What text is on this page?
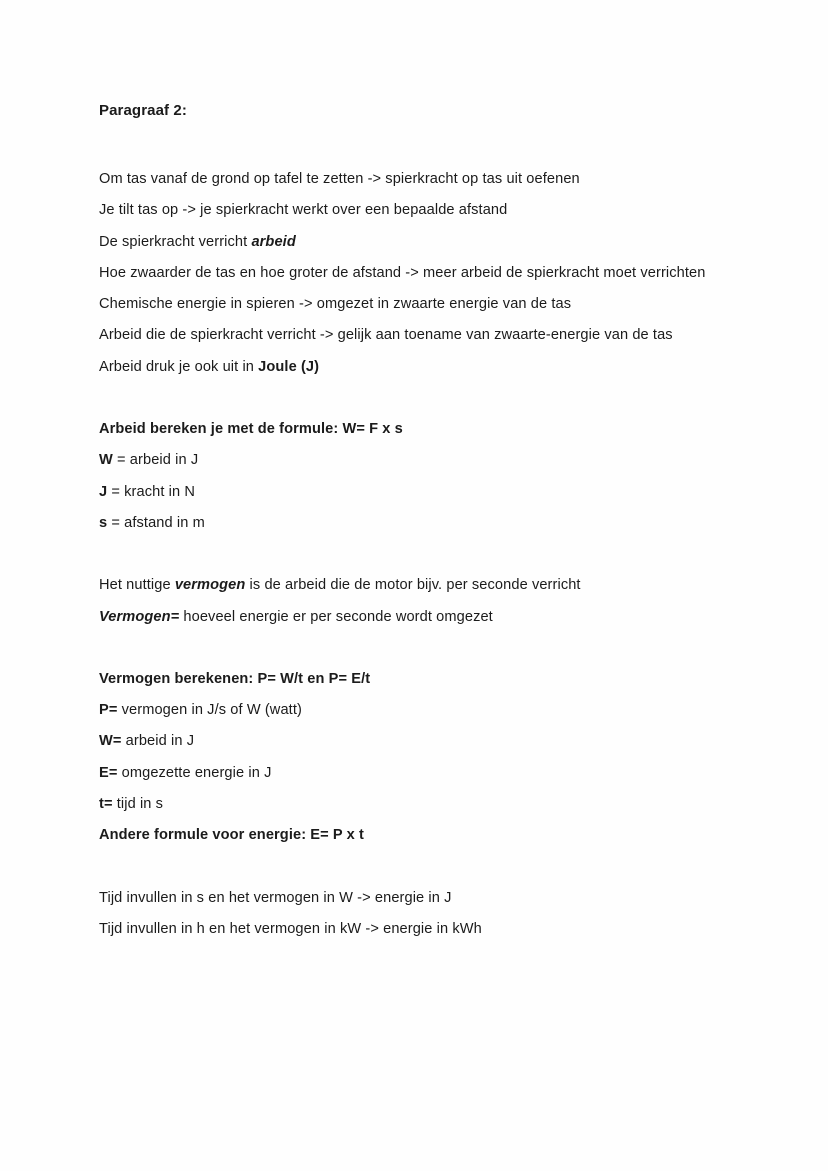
Paragraaf 2:

Om tas vanaf de grond op tafel te zetten -> spierkracht op tas uit oefenen

Je tilt tas op -> je spierkracht werkt over een bepaalde afstand

De spierkracht verricht arbeid

Hoe zwaarder de tas en hoe groter de afstand -> meer arbeid de spierkracht moet verrichten

Chemische energie in spieren -> omgezet in zwaarte energie van de tas

Arbeid die de spierkracht verricht -> gelijk aan toename van zwaarte-energie van de tas

Arbeid druk je ook uit in Joule (J)

Arbeid bereken je met de formule: W= F x s

W = arbeid in J

J = kracht in N

s = afstand in m

Het nuttige vermogen is de arbeid die de motor bijv. per seconde verricht

Vermogen= hoeveel energie er per seconde wordt omgezet

Vermogen berekenen: P= W/t en P= E/t

P= vermogen in J/s of W (watt)

W= arbeid in J

E= omgezette energie in J

t= tijd in s

Andere formule voor energie: E= P x t

Tijd invullen in s en het vermogen in W -> energie in J

Tijd invullen in h en het vermogen in kW -> energie in kWh
